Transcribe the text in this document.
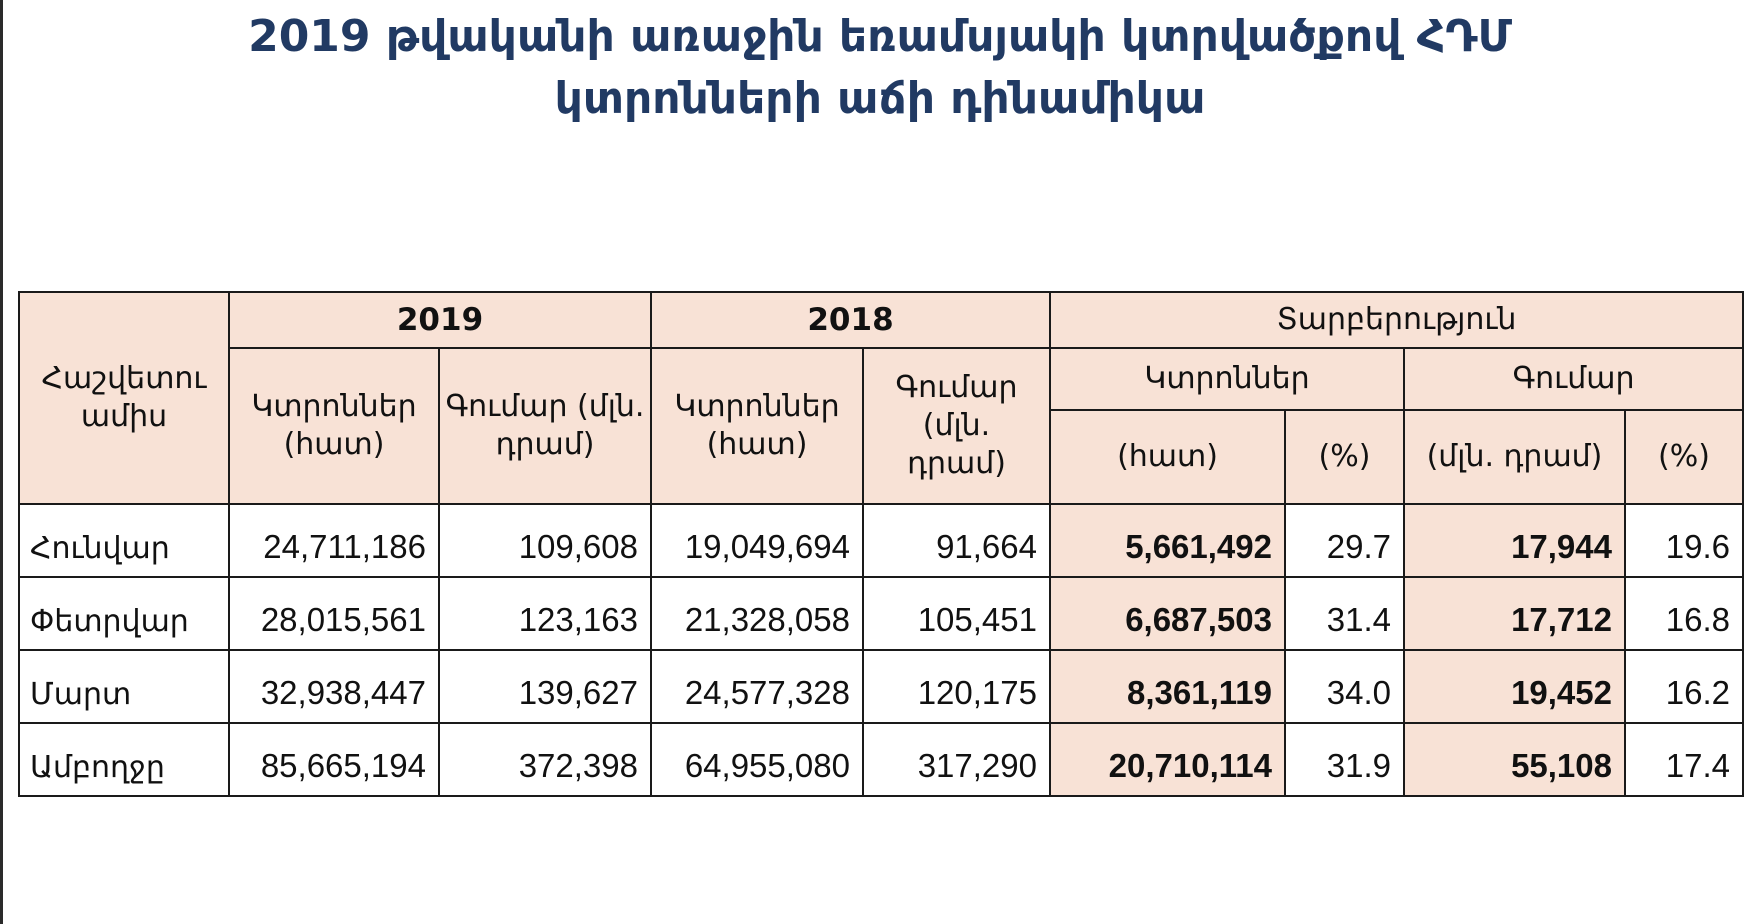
2019 թվականի առաջին եռամսյակի կտրվածքով ՀԴՄ
կտրոնների աճի դինամիկա
Հաշվետու ամիս	2019		2018		Տարբերություն			
	Կտրոններ (հատ)	Գումար (մլն. դրամ)	Կտրոններ (հատ)	Գումար (մլն. դրամ)	Կտրոններ		Գումար	
					(հատ)	(%)	(մլն. դրամ)	(%)
Հունվար	24,711,186	109,608	19,049,694	91,664	5,661,492	29.7	17,944	19.6
Փետրվար	28,015,561	123,163	21,328,058	105,451	6,687,503	31.4	17,712	16.8
Մարտ	32,938,447	139,627	24,577,328	120,175	8,361,119	34.0	19,452	16.2
Ամբողջը	85,665,194	372,398	64,955,080	317,290	20,710,114	31.9	55,108	17.4
